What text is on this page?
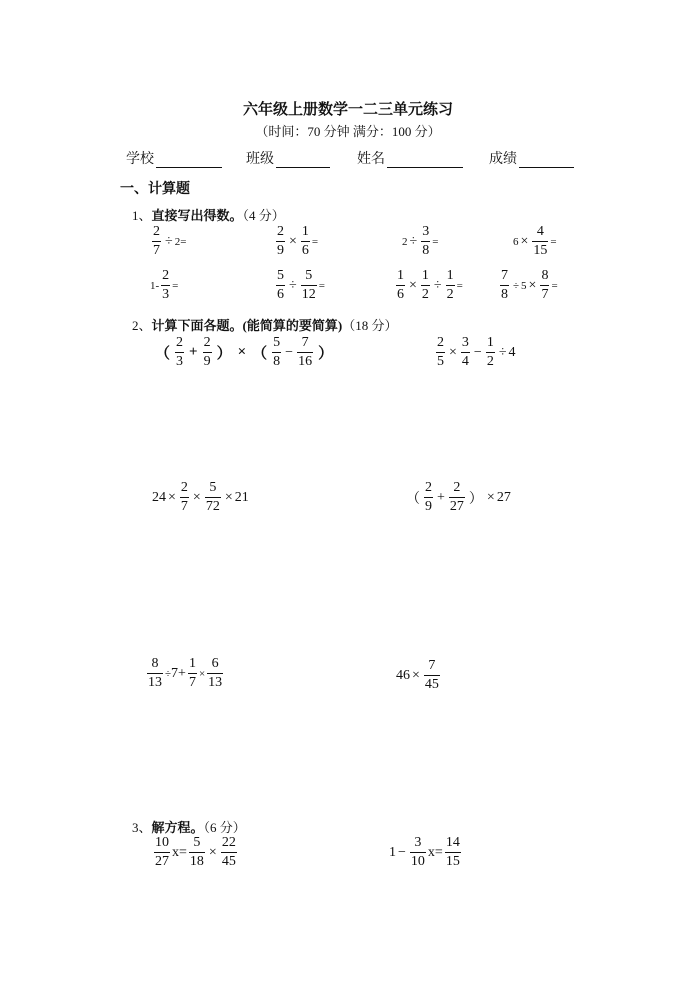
六年级上册数学一二三单元练习
（时间：70 分钟 满分：100 分）
学校	班级	姓名	成绩
一、计算题
1、直接写出得数。（4 分）
$\frac{2}{7} \div 2$ =	$\frac{2}{9} \times \frac{1}{6}$ =	$2 \div \frac{3}{8}$ =	$6 \times \frac{4}{15}$ =
$1 - \frac{2}{3}$ =	$\frac{5}{6} \div \frac{5}{12}$ =	$\frac{1}{6} \times \frac{1}{2} \div \frac{1}{2}$ =	$\frac{7}{8} \div 5 \times \frac{8}{7}$ =
2、计算下面各题。(能简算的要简算)（18 分）
（ $\frac{2}{3} + \frac{2}{9}$ ） × （ $\frac{5}{8} - \frac{7}{16}$ ）	$\frac{2}{5} \times \frac{3}{4} - \frac{1}{2} \div 4$
$24 \times \frac{2}{7} \times \frac{5}{72} \times 21$	（ $\frac{2}{9} + \frac{2}{27}$ ） × 27
$\frac{8}{13} \div 7 + \frac{1}{7} \times \frac{6}{13}$	$46 \times \frac{7}{45}$
3、解方程。（6 分）
$\frac{10}{27} x= \frac{5}{18} \times \frac{22}{45}$	$1 - \frac{3}{10} x= \frac{14}{15}$
